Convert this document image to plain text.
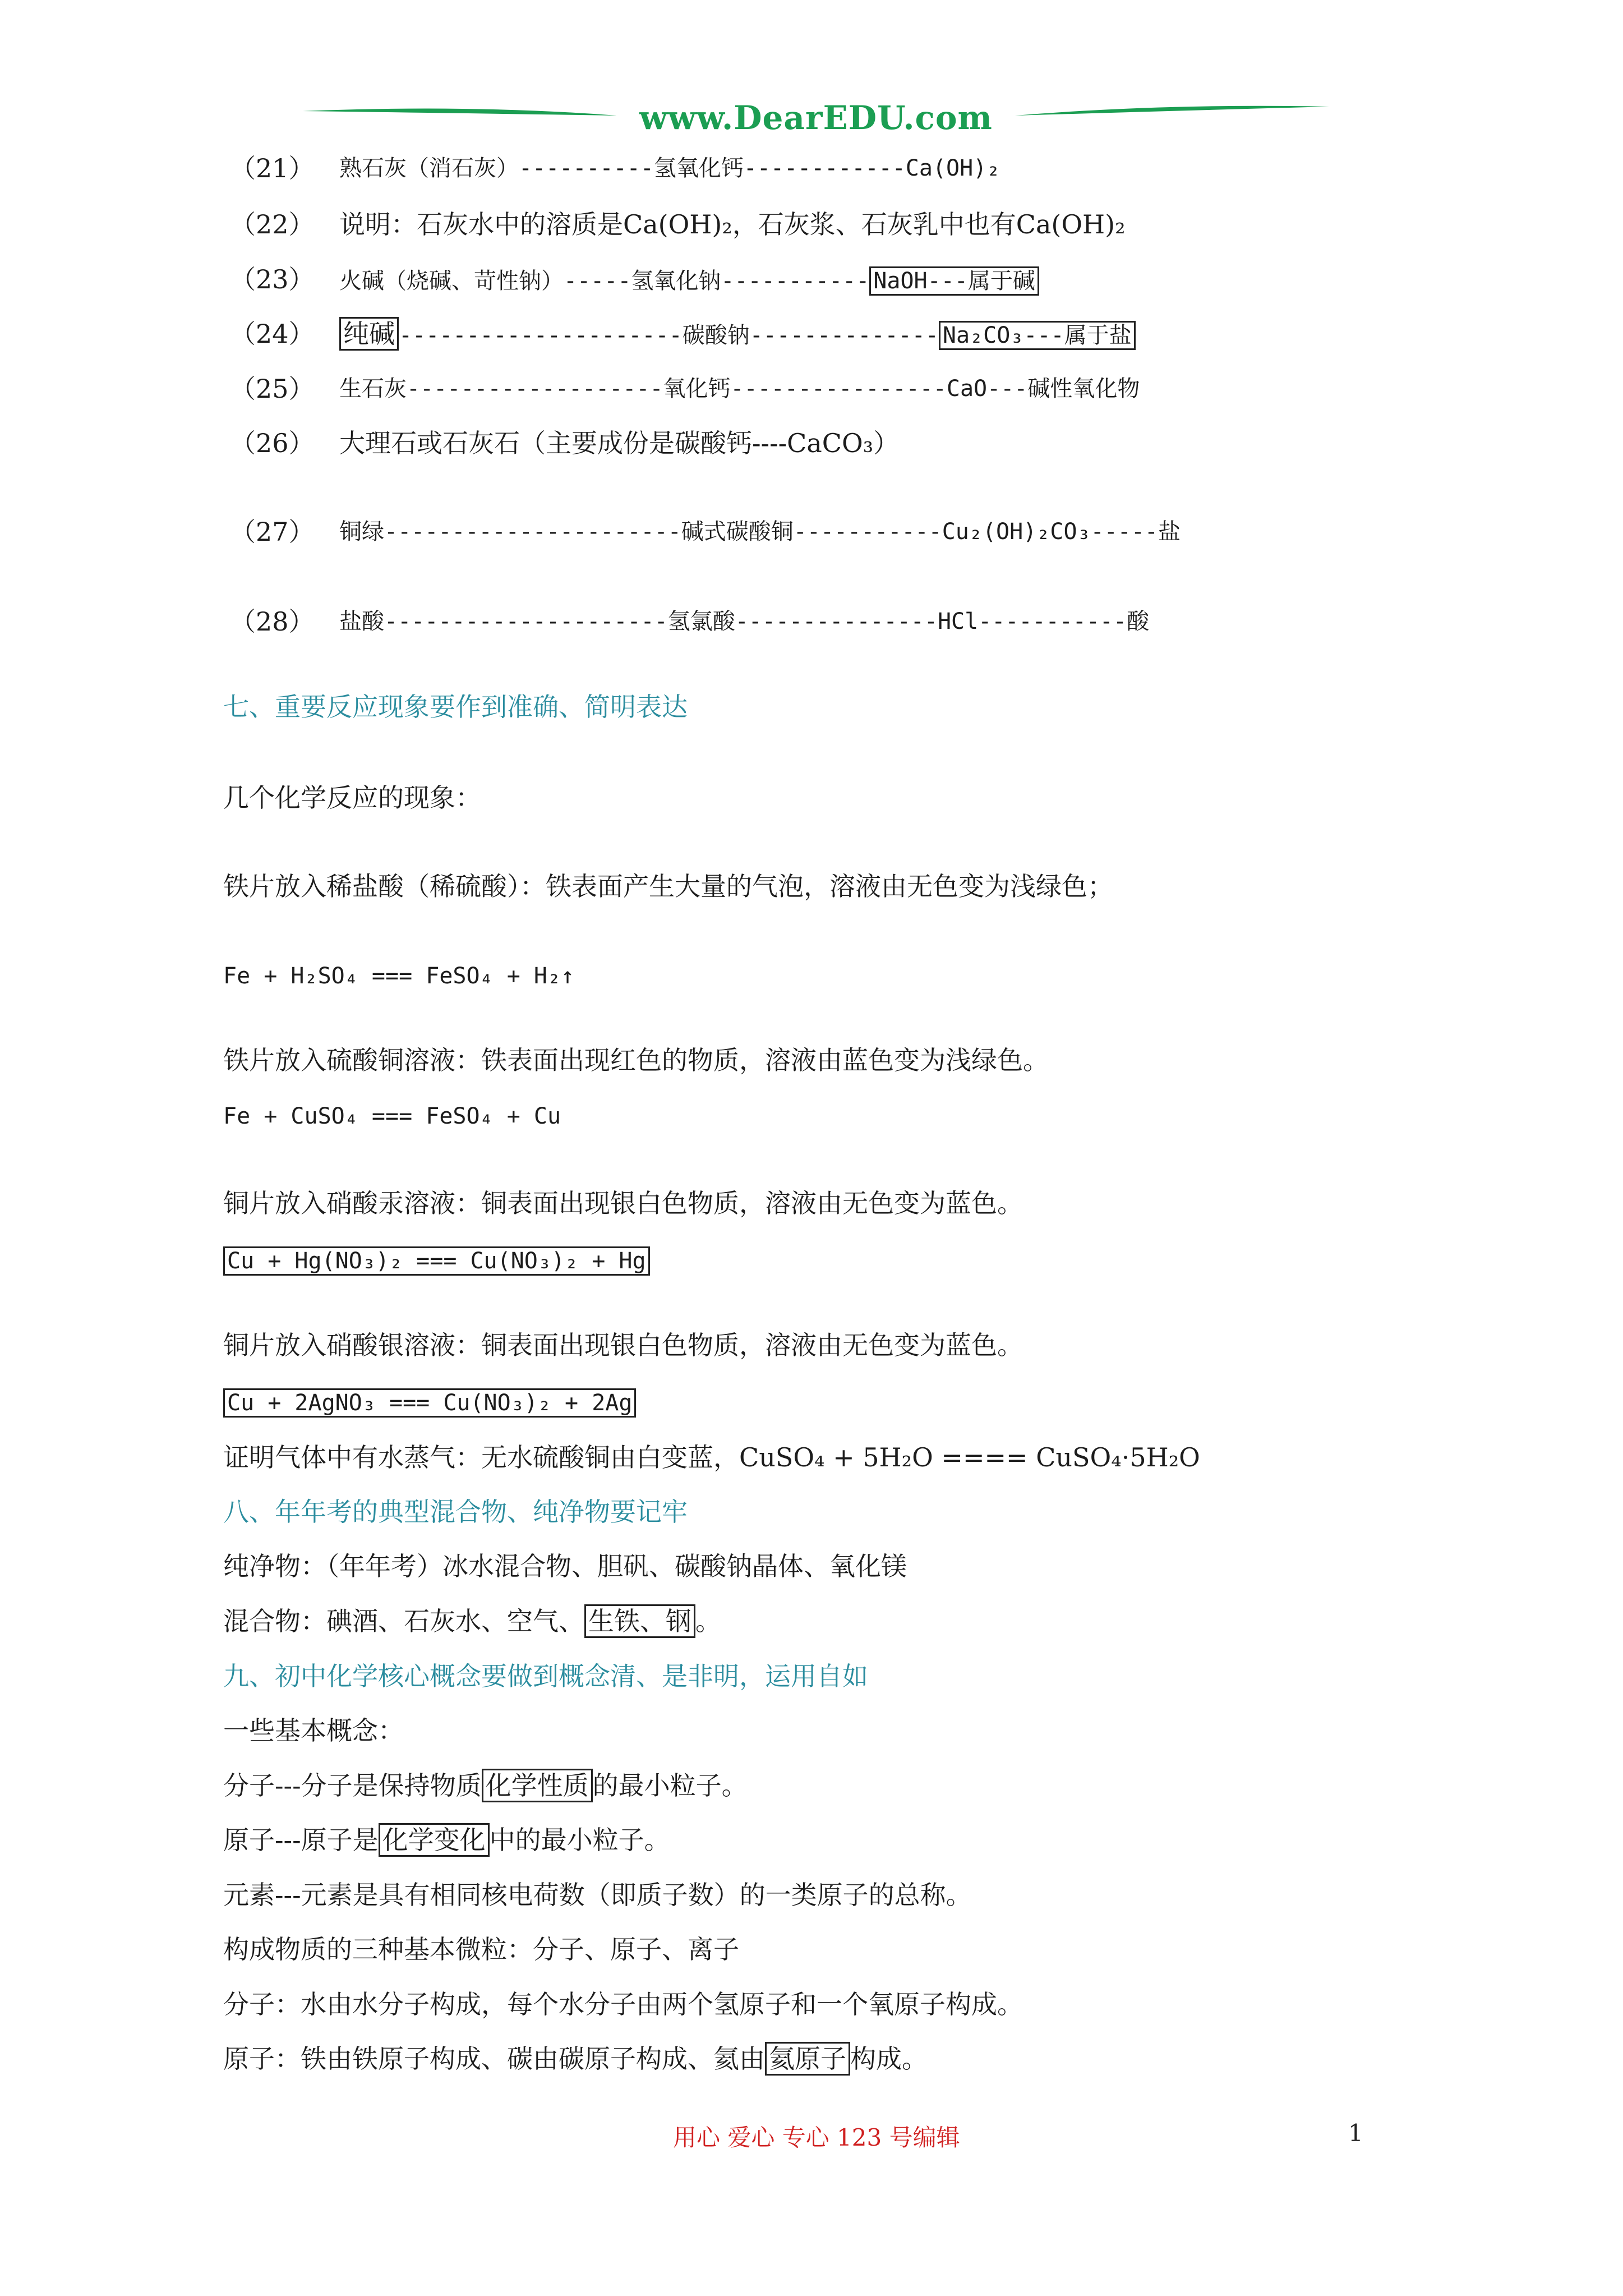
www.DearEDU.com
（21） 熟石灰（消石灰）----------氢氧化钙------------Ca(OH)₂
（22） 说明：石灰水中的溶质是Ca(OH)₂，石灰浆、石灰乳中也有Ca(OH)₂
（23） 火碱（烧碱、苛性钠）-----氢氧化钠----------- NaOH---属于碱
（24） 纯碱 ---------------------碳酸钠-------------- Na₂CO₃---属于盐
（25） 生石灰-------------------氧化钙----------------CaO---碱性氧化物
（26） 大理石或石灰石（主要成份是碳酸钙----CaCO₃）
（27） 铜绿----------------------碱式碳酸铜-----------Cu₂(OH)₂CO₃-----盐
（28） 盐酸---------------------氢氯酸---------------HCl-----------酸
七、重要反应现象要作到准确、简明表达
几个化学反应的现象：
铁片放入稀盐酸（稀硫酸）：铁表面产生大量的气泡，溶液由无色变为浅绿色；
Fe + H₂SO₄ === FeSO₄ + H₂↑
铁片放入硫酸铜溶液：铁表面出现红色的物质，溶液由蓝色变为浅绿色。
Fe + CuSO₄ === FeSO₄ + Cu
铜片放入硝酸汞溶液：铜表面出现银白色物质，溶液由无色变为蓝色。
Cu + Hg(NO₃)₂ === Cu(NO₃)₂ + Hg
铜片放入硝酸银溶液：铜表面出现银白色物质，溶液由无色变为蓝色。
Cu + 2AgNO₃ === Cu(NO₃)₂ + 2Ag
证明气体中有水蒸气：无水硫酸铜由白变蓝，CuSO₄ + 5H₂O ==== CuSO₄·5H₂O
八、年年考的典型混合物、纯净物要记牢
纯净物：（年年考）冰水混合物、胆矾、碳酸钠晶体、氧化镁
混合物：碘酒、石灰水、空气、 生铁、钢 。
九、初中化学核心概念要做到概念清、是非明，运用自如
一些基本概念：
分子---分子是保持物质 化学性质 的最小粒子。
原子---原子是 化学变化 中的最小粒子。
元素---元素是具有相同核电荷数（即质子数）的一类原子的总称。
构成物质的三种基本微粒：分子、原子、离子
分子：水由水分子构成，每个水分子由两个氢原子和一个氧原子构成。
原子：铁由铁原子构成、碳由碳原子构成、氦由 氦原子 构成。
用心 爱心 专心 123 号编辑	1
